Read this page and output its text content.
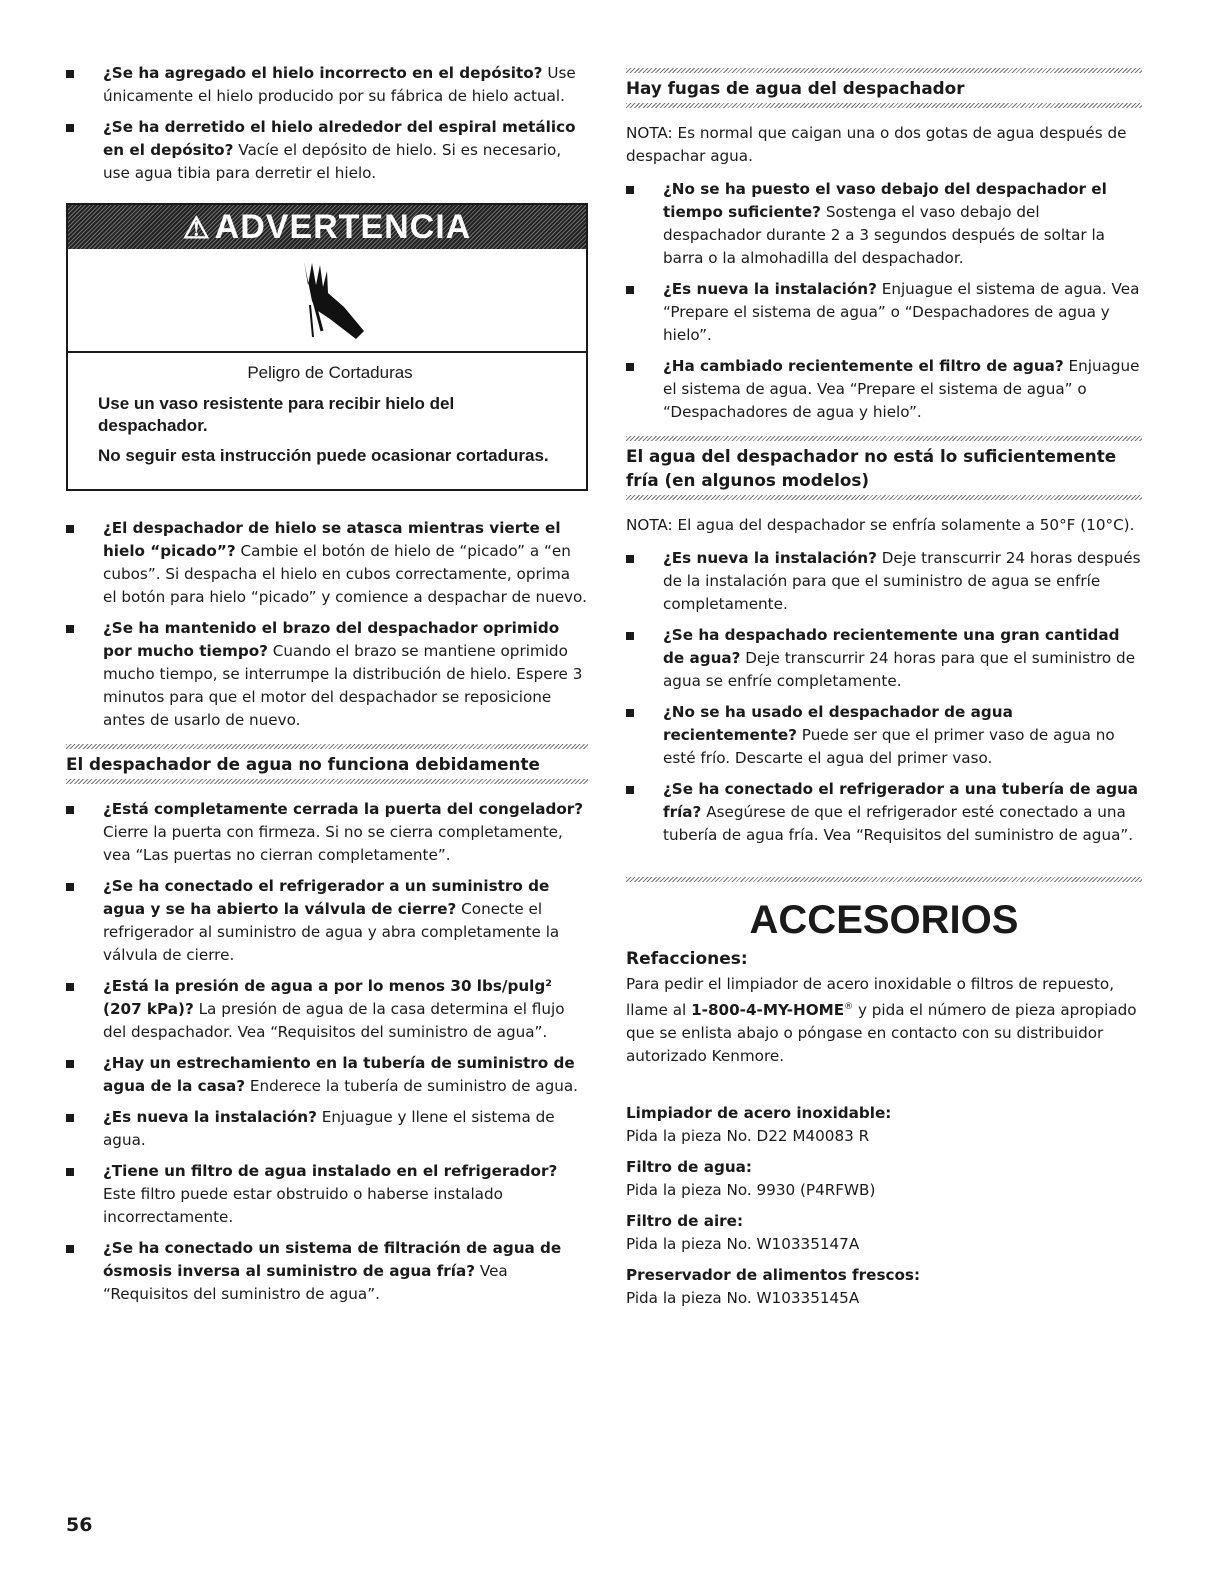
¿Se ha agregado el hielo incorrecto en el depósito? Use únicamente el hielo producido por su fábrica de hielo actual.

¿Se ha derretido el hielo alrededor del espiral metálico en el depósito? Vacíe el depósito de hielo. Si es necesario, use agua tibia para derretir el hielo.

⚠ ADVERTENCIA

Peligro de Cortaduras

Use un vaso resistente para recibir hielo del despachador.

No seguir esta instrucción puede ocasionar cortaduras.

¿El despachador de hielo se atasca mientras vierte el hielo “picado”? Cambie el botón de hielo de “picado” a “en cubos”. Si despacha el hielo en cubos correctamente, oprima el botón para hielo “picado” y comience a despachar de nuevo.

¿Se ha mantenido el brazo del despachador oprimido por mucho tiempo? Cuando el brazo se mantiene oprimido mucho tiempo, se interrumpe la distribución de hielo. Espere 3 minutos para que el motor del despachador se reposicione antes de usarlo de nuevo.

El despachador de agua no funciona debidamente

¿Está completamente cerrada la puerta del congelador? Cierre la puerta con firmeza. Si no se cierra completamente, vea “Las puertas no cierran completamente”.

¿Se ha conectado el refrigerador a un suministro de agua y se ha abierto la válvula de cierre? Conecte el refrigerador al suministro de agua y abra completamente la válvula de cierre.

¿Está la presión de agua a por lo menos 30 lbs/pulg² (207 kPa)? La presión de agua de la casa determina el flujo del despachador. Vea “Requisitos del suministro de agua”.

¿Hay un estrechamiento en la tubería de suministro de agua de la casa? Enderece la tubería de suministro de agua.

¿Es nueva la instalación? Enjuague y llene el sistema de agua.

¿Tiene un filtro de agua instalado en el refrigerador? Este filtro puede estar obstruido o haberse instalado incorrectamente.

¿Se ha conectado un sistema de filtración de agua de ósmosis inversa al suministro de agua fría? Vea “Requisitos del suministro de agua”.

Hay fugas de agua del despachador

NOTA: Es normal que caigan una o dos gotas de agua después de despachar agua.

¿No se ha puesto el vaso debajo del despachador el tiempo suficiente? Sostenga el vaso debajo del despachador durante 2 a 3 segundos después de soltar la barra o la almohadilla del despachador.

¿Es nueva la instalación? Enjuague el sistema de agua. Vea “Prepare el sistema de agua” o “Despachadores de agua y hielo”.

¿Ha cambiado recientemente el filtro de agua? Enjuague el sistema de agua. Vea “Prepare el sistema de agua” o “Despachadores de agua y hielo”.

El agua del despachador no está lo suficientemente fría (en algunos modelos)

NOTA: El agua del despachador se enfría solamente a 50°F (10°C).

¿Es nueva la instalación? Deje transcurrir 24 horas después de la instalación para que el suministro de agua se enfríe completamente.

¿Se ha despachado recientemente una gran cantidad de agua? Deje transcurrir 24 horas para que el suministro de agua se enfríe completamente.

¿No se ha usado el despachador de agua recientemente? Puede ser que el primer vaso de agua no esté frío. Descarte el agua del primer vaso.

¿Se ha conectado el refrigerador a una tubería de agua fría? Asegúrese de que el refrigerador esté conectado a una tubería de agua fría. Vea “Requisitos del suministro de agua”.

ACCESORIOS

Refacciones:

Para pedir el limpiador de acero inoxidable o filtros de repuesto, llame al 1-800-4-MY-HOME® y pida el número de pieza apropiado que se enlista abajo o póngase en contacto con su distribuidor autorizado Kenmore.

Limpiador de acero inoxidable:

Pida la pieza No. D22 M40083 R

Filtro de agua:

Pida la pieza No. 9930 (P4RFWB)

Filtro de aire:

Pida la pieza No. W10335147A

Preservador de alimentos frescos:

Pida la pieza No. W10335145A

56
